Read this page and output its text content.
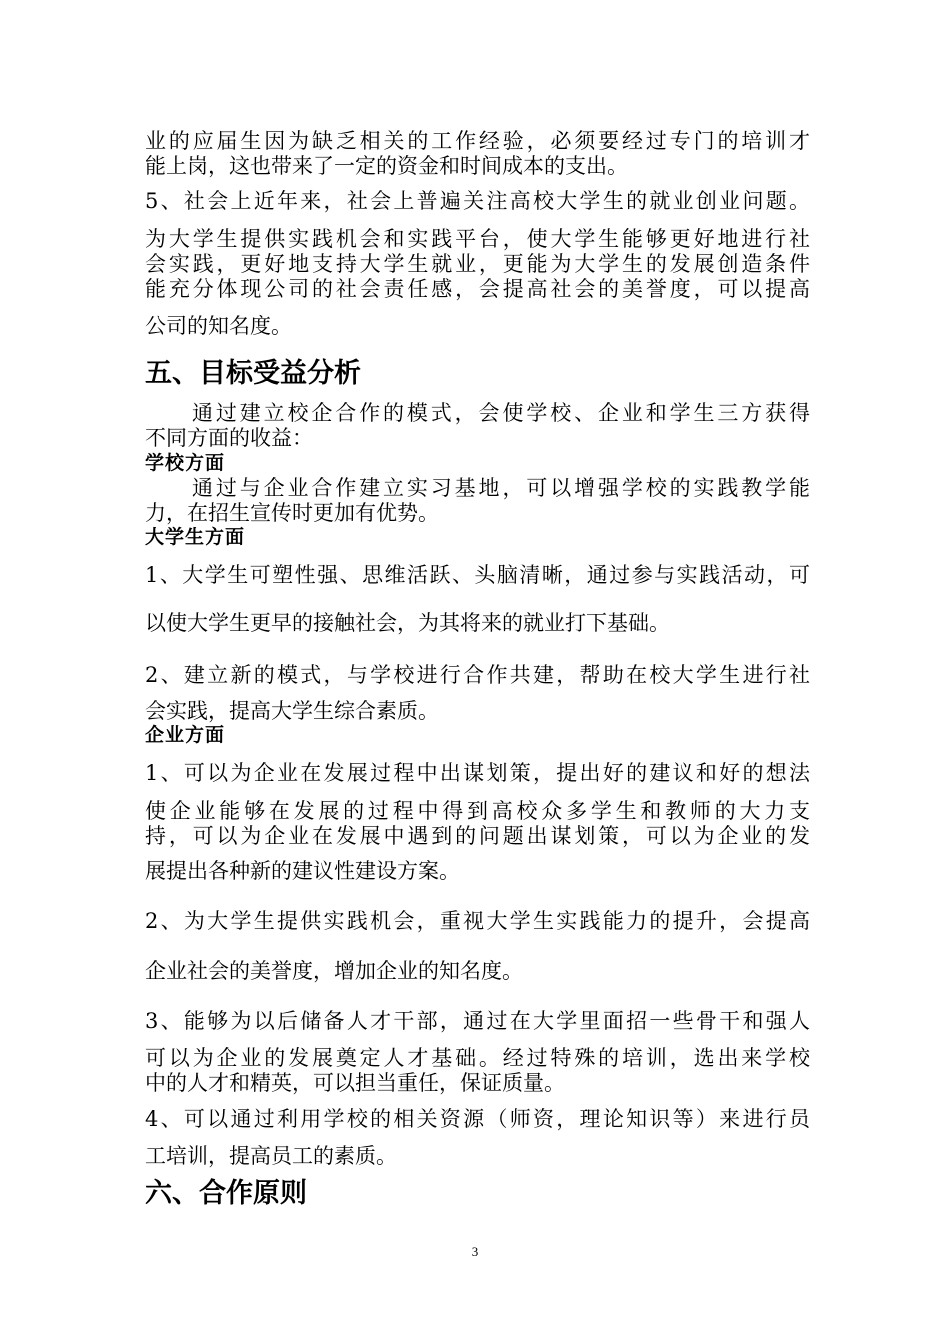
业的应届生因为缺乏相关的工作经验，必须要经过专门的培训才
能上岗，这也带来了一定的资金和时间成本的支出。
5、社会上近年来，社会上普遍关注高校大学生的就业创业问题。
为大学生提供实践机会和实践平台，使大学生能够更好地进行社
会实践，更好地支持大学生就业，更能为大学生的发展创造条件
能充分体现公司的社会责任感，会提高社会的美誉度，可以提高
公司的知名度。
五、目标受益分析
通过建立校企合作的模式，会使学校、企业和学生三方获得
不同方面的收益：
学校方面
通过与企业合作建立实习基地，可以增强学校的实践教学能
力，在招生宣传时更加有优势。
大学生方面
1、大学生可塑性强、思维活跃、头脑清晰，通过参与实践活动，可
以使大学生更早的接触社会，为其将来的就业打下基础。
2、建立新的模式，与学校进行合作共建，帮助在校大学生进行社
会实践，提高大学生综合素质。
企业方面
1、可以为企业在发展过程中出谋划策，提出好的建议和好的想法
使企业能够在发展的过程中得到高校众多学生和教师的大力支
持，可以为企业在发展中遇到的问题出谋划策，可以为企业的发
展提出各种新的建议性建设方案。
2、为大学生提供实践机会，重视大学生实践能力的提升，会提高
企业社会的美誉度，增加企业的知名度。
3、能够为以后储备人才干部，通过在大学里面招一些骨干和强人
可以为企业的发展奠定人才基础。经过特殊的培训，选出来学校
中的人才和精英，可以担当重任，保证质量。
4、可以通过利用学校的相关资源（师资，理论知识等）来进行员
工培训，提高员工的素质。
六、合作原则
3
